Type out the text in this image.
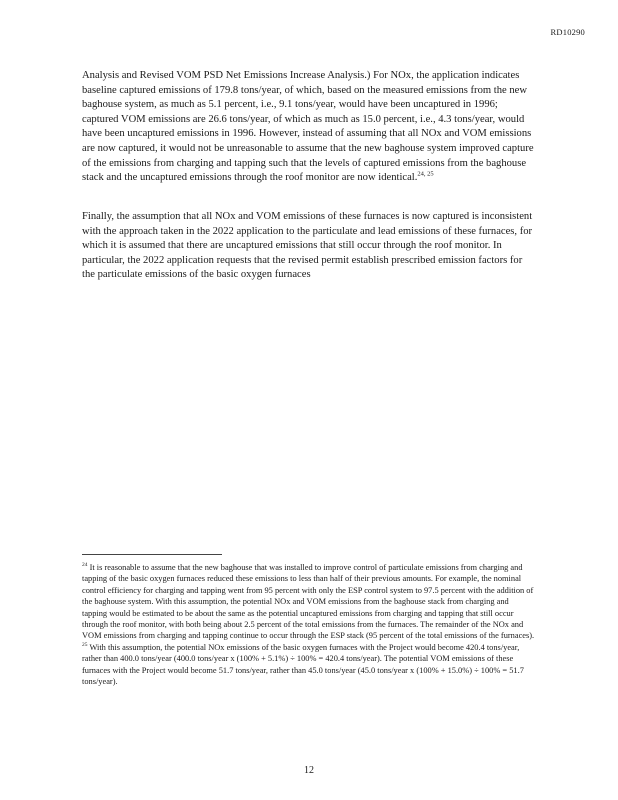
RD10290

Analysis and Revised VOM PSD Net Emissions Increase Analysis.) For NOx, the application indicates baseline captured emissions of 179.8 tons/year, of which, based on the measured emissions from the new baghouse system, as much as 5.1 percent, i.e., 9.1 tons/year, would have been uncaptured in 1996; captured VOM emissions are 26.6 tons/year, of which as much as 15.0 percent, i.e., 4.3 tons/year, would have been uncaptured emissions in 1996. However, instead of assuming that all NOx and VOM emissions are now captured, it would not be unreasonable to assume that the new baghouse system improved capture of the emissions from charging and tapping such that the levels of captured emissions from the baghouse stack and the uncaptured emissions through the roof monitor are now identical.$^{24, 25}$

Finally, the assumption that all NOx and VOM emissions of these furnaces is now captured is inconsistent with the approach taken in the 2022 application to the particulate and lead emissions of these furnaces, for which it is assumed that there are uncaptured emissions that still occur through the roof monitor. In particular, the 2022 application requests that the revised permit establish prescribed emission factors for the particulate emissions of the basic oxygen furnaces

$^{24}$ It is reasonable to assume that the new baghouse that was installed to improve control of particulate emissions from charging and tapping of the basic oxygen furnaces reduced these emissions to less than half of their previous amounts. For example, the nominal control efficiency for charging and tapping went from 95 percent with only the ESP control system to 97.5 percent with the addition of the baghouse system. With this assumption, the potential NOx and VOM emissions from the baghouse stack from charging and tapping would be estimated to be about the same as the potential uncaptured emissions from charging and tapping that still occur through the roof monitor, with both being about 2.5 percent of the total emissions from the furnaces. The remainder of the NOx and VOM emissions from charging and tapping continue to occur through the ESP stack (95 percent of the total emissions of the furnaces).

$^{25}$ With this assumption, the potential NOx emissions of the basic oxygen furnaces with the Project would become 420.4 tons/year, rather than 400.0 tons/year (400.0 tons/year x (100% + 5.1%) ÷ 100% = 420.4 tons/year). The potential VOM emissions of these furnaces with the Project would become 51.7 tons/year, rather than 45.0 tons/year (45.0 tons/year x (100% + 15.0%) ÷ 100% = 51.7 tons/year).

12
